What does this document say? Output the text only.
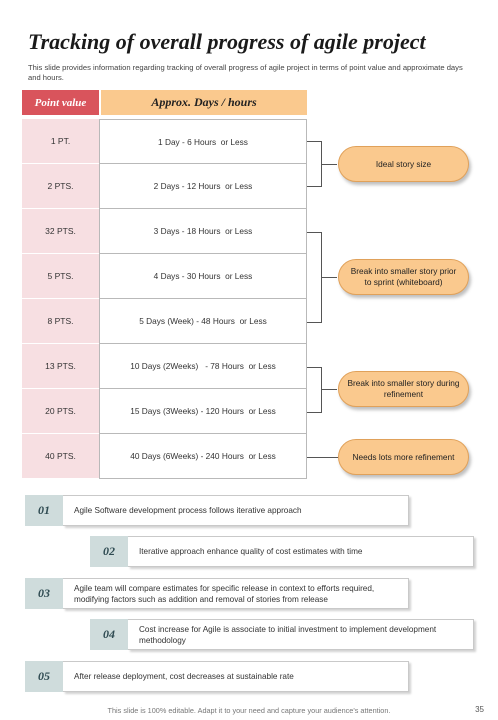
Tracking of overall progress of agile project
This slide provides information regarding tracking of overall progress of agile project in terms of point value and approximate days and hours.
Point value	Approx. Days / hours
1 PT.	1 Day - 6 Hours  or Less
2 PTS.	2 Days - 12 Hours  or Less
32 PTS.	3 Days - 18 Hours  or Less
5 PTS.	4 Days - 30 Hours  or Less
8 PTS.	5 Days (Week) - 48 Hours  or Less
13 PTS.	10 Days (2Weeks)   - 78 Hours  or Less
20 PTS.	15 Days (3Weeks) - 120 Hours  or Less
40 PTS.	40 Days (6Weeks) - 240 Hours  or Less
Ideal story size
Break into smaller story prior to sprint (whiteboard)
Break into smaller story during refinement
Needs lots more refinement
01	Agile Software development process follows iterative approach
02	Iterative approach enhance quality of cost estimates with time
03	Agile team will compare estimates for specific release in context to efforts required, modifying factors such as addition and removal of stories from release
04	Cost increase for Agile is associate to initial investment to implement development methodology
05	After release deployment, cost decreases at sustainable rate
This slide is 100% editable. Adapt it to your need and capture your audience's attention.	35
